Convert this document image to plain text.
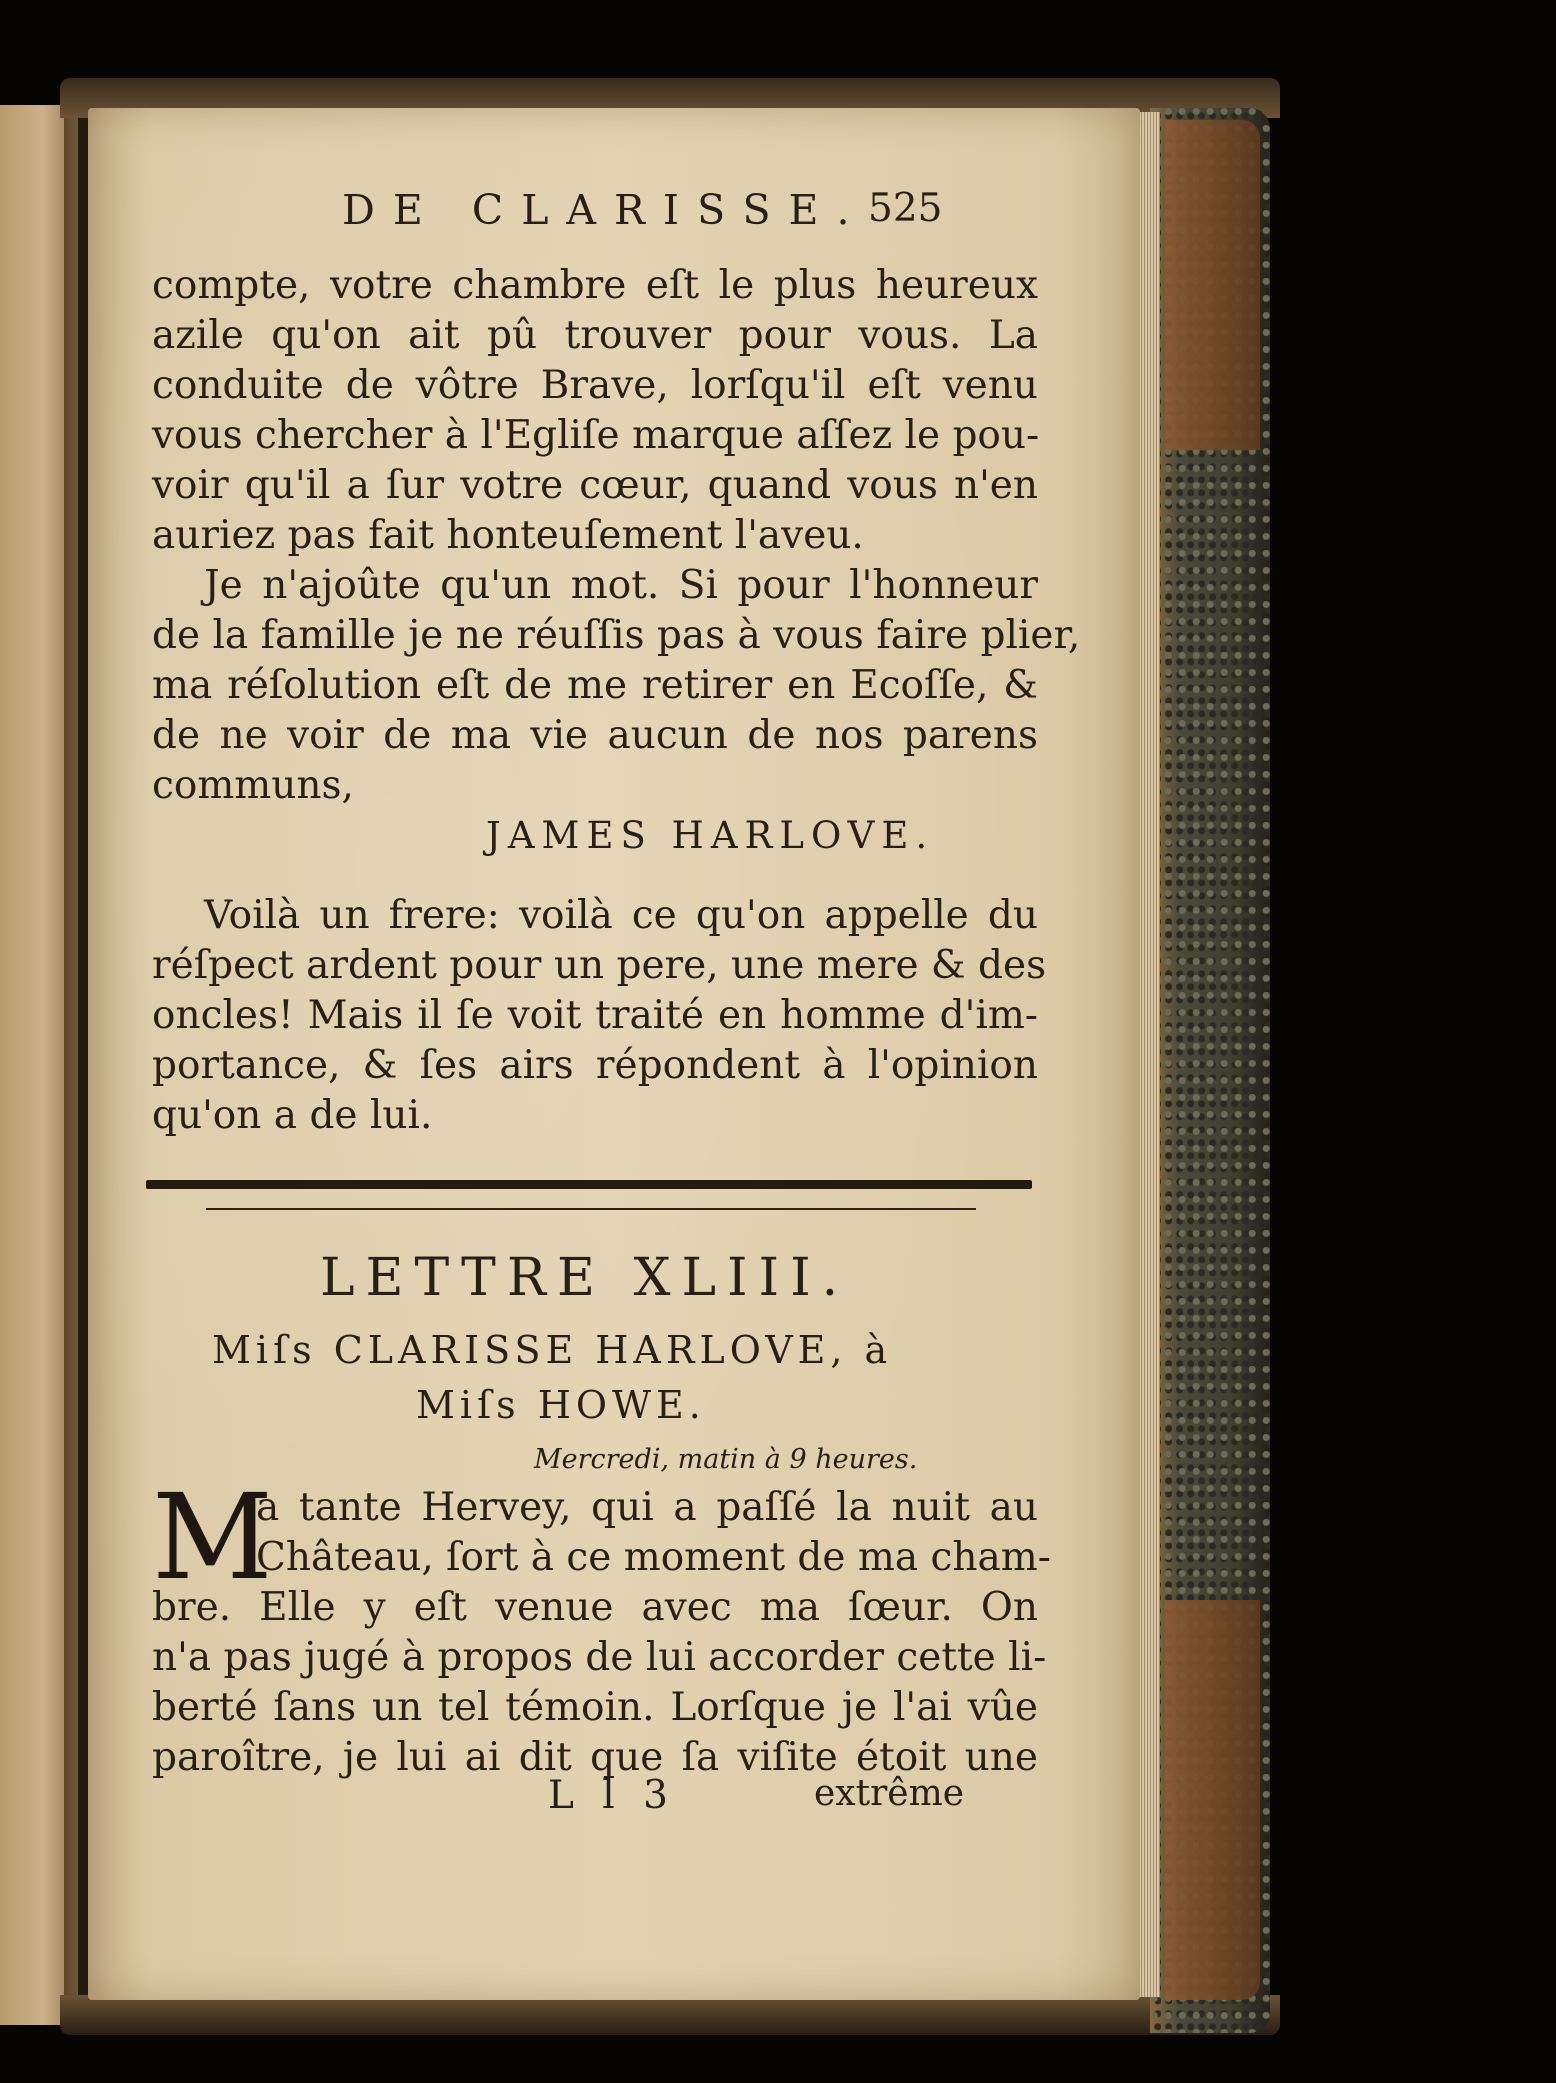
DE CLARISSE. 525
compte, votre chambre eſt le plus heureux
azile qu'on ait pû trouver pour vous. La
conduite de vôtre Brave, lorſqu'il eſt venu
vous chercher à l'Egliſe marque aſſez le pou-
voir qu'il a ſur votre cœur, quand vous n'en
auriez pas fait honteuſement l'aveu.
Je n'ajoûte qu'un mot. Si pour l'honneur
de la famille je ne réuſſis pas à vous faire plier,
ma réſolution eſt de me retirer en Ecoſſe, &
de ne voir de ma vie aucun de nos parens
communs,
JAMES HARLOVE.
Voilà un frere: voilà ce qu'on appelle du
réſpect ardent pour un pere, une mere & des
oncles! Mais il ſe voit traité en homme d'im-
portance, & ſes airs répondent à l'opinion
qu'on a de lui.
LETTRE XLIII.
Miſs CLARISSE HARLOVE, à
Miſs HOWE.
Mercredi, matin à 9 heures.
M
a tante Hervey, qui a paſſé la nuit au
Château, ſort à ce moment de ma cham-
bre. Elle y eſt venue avec ma ſœur. On
n'a pas jugé à propos de lui accorder cette li-
berté ſans un tel témoin. Lorſque je l'ai vûe
paroître, je lui ai dit que ſa viſite étoit une
L l 3	extrême
